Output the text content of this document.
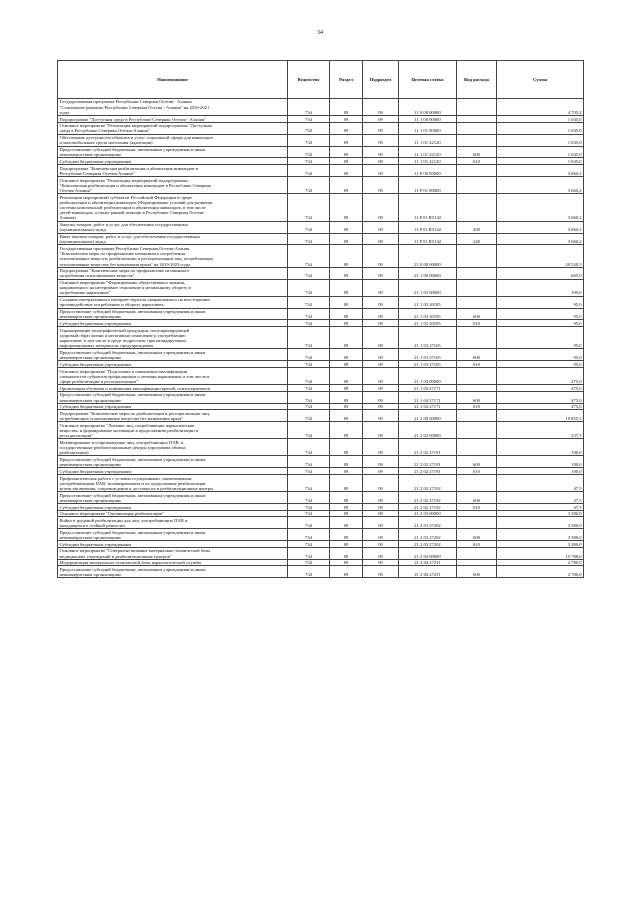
34
Наименование	Ведомство	Раздел	Подраздел	Целевая статья	Вид расхода	Сумма
Государственная программа Республики Северная Осетия - Алания
"Социальное развитие Республики Северная Осетия - Алания" на 2016-2021
годы	734	09	09	11 0 00 00000		4 705,2
Подпрограмма "Доступная среда в Республике Северная Осетия - Алания"	734	09	09	11 1 00 00000		1 045,0
Основное мероприятие "Реализация мероприятий подпрограммы "Доступная
среда в Республике Северная Осетия-Алания"	734	09	09	11 1 01 00000		1 045,0
Обеспечение доступности объектов и услуг социальной сферы для инвалидов
и маломобильных групп населения (адаптация)	734	09	09	11 1 01 22120		1 045,0
Предоставление субсидий бюджетным, автономным учреждениям и иным
некоммерческим организациям	734	09	09	11 1 01 22120	600	1 045,0
Субсидии бюджетным учреждениям	734	09	09	11 1 01 22120	610	1 045,0
Подпрограмма "Комплексная реабилитация и абилитация инвалидов в
Республике Северная Осетия-Алания"	734	09	09	11 P 00 00000		3 660,2
Основное мероприятие "Реализация мероприятий подпрограммы
"Комплексная реабилитация и абилитация инвалидов в Республике Северная
Осетия-Алания"	734	09	09	11 P 01 00000		3 660,2
Реализация мероприятий субъектов Российской Федерации в сфере
реабилитации и абилитации инвалидов (Формирование условий для развития
системы комплексной реабилитации и абилитации инвалидов, в том числе
детей-инвалидов, а также ранней помощи в Республике Северная Осетия-
Алания)	734	09	09	11 P 01 R5142		3 660,2
Закупка товаров, работ и услуг для обеспечения государственных
(муниципальных) нужд	734	09	09	11 P 01 R5142	200	3 660,2
Иные закупки товаров, работ и услуг для обеспечения государственных
(муниципальных) нужд	734	09	09	11 P 01 R5142	240	3 660,2
Государственная программа Республики Северная Осетия-Алания
"Комплексные меры по профилактике незаконного потребления
психоактивных веществ, реабилитации и ресоциализации лиц, потребляющих
психоактивные вещества без назначения врача" на 2019-2023 годы	734	09	09	21 0 00 00000		20 520,3
Подпрограмма "Комплексные меры по профилактике незаконного
потребления психоактивных веществ"	734	09	09	21 1 00 00000		665,0
Основное мероприятие "Формирование общественного мнения,
направленного на нетерпимое отношение к незаконному обороту и
потреблению наркотиков"	734	09	09	21 1 03 00000		190,0
Создание интерактивного интернет-портала, направленного на всестороннее
противодействие потреблению и обороту наркотиков	734	09	09	21 1 03 20185		95,0
Предоставление субсидий бюджетным, автономным учреждениям и иным
некоммерческим организациям	734	09	09	21 1 03 20185	600	95,0
Субсидии бюджетным учреждениям	734	09	09	21 1 03 20185	610	95,0
Тиражирование полиграфической продукции, популяризирующей
здоровый образ жизни и негативное отношение к употреблению
наркотиков, в том числе в среде подростков, пропагандирующих
информационных материалов, предупреждения	734	09	09	21 1 03 27165		95,0
Предоставление субсидий бюджетным, автономным учреждениям и иным
некоммерческим организациям	734	09	09	21 1 03 27165	600	95,0
Субсидии бюджетным учреждениям	734	09	09	21 1 03 27165	610	95,0
Основное мероприятие "Подготовка и повышение квалификации
специалистов субъектов профилактики и лечения наркомании, в том числе в
сфере реабилитации и ресоциализации"	734	09	09	21 1 04 00000		475,0
Организация обучения и повышения квалификации врачей, психотерапевтов	734	09	09	21 1 04 27171		475,0
Предоставление субсидий бюджетным, автономным учреждениям и иным
некоммерческим организациям	734	09	09	21 1 04 27171	600	475,0
Субсидии бюджетным учреждениям	734	09	09	21 1 04 27171	610	475,0
Подпрограмма "Комплексные меры по реабилитации и ресоциализации лиц,
потребляющих психоактивные вещества без назначения врача"	734	09	09	21 2 00 00000		19 855,3
Основное мероприятие "Лечение лиц, потребляющих наркотические
вещества, и формирование мотивации к продолжению реабилитации и
ресоциализации"	734	09	09	21 2 02 00000		237,5
Мотивирование и сопровождение лиц, употребляющих ПАВ, в
государственные реабилитационные центры (программа обмена
реабилитации)	734	09	09	21 2 02 27191		190,0
Предоставление субсидий бюджетным, автономным учреждениям и иным
некоммерческим организациям	734	09	09	21 2 02 27191	600	190,0
Субсидии бюджетным учреждениям	734	09	09	21 2 02 27191	610	190,0
Профилактическая работа с условно осужденными, заключенными,
употребляющими ПАВ, мотивированием и их продолжение реабилитации
всеми заключения, сопровождения и доставка их в реабилитационные центры	734	09	09	21 2 02 27192		47,5
Предоставление субсидий бюджетным, автономным учреждениям и иным
некоммерческим организациям	734	09	09	21 2 02 27192	600	47,5
Субсидии бюджетным учреждениям	734	09	09	21 2 02 27192	610	47,5
Основное мероприятие "Организация реабилитации"	734	09	09	21 2 03 00000		3 380,0
Койки в трудовой реабилитации для лиц, употребляющих ПАВ и
находящихся в стойкой ремиссии	734	09	09	21 2 03 27202		3 380,0
Предоставление субсидий бюджетным, автономным учреждениям и иным
некоммерческим организациям	734	09	09	21 2 03 27202	600	3 380,0
Субсидии бюджетным учреждениям	734	09	09	21 2 03 27202	610	3 380,0
Основное мероприятие "Совершенствование материально-технической базы
медицинских учреждений и реабилитационных центров"	734	09	09	21 2 04 00000		15 788,0
Модернизация материально-технической базы наркологической службы	734	09	09	21 2 04 27211		2 780,0
Предоставление субсидий бюджетным, автономным учреждениям и иным
некоммерческим организациям	734	09	09	21 2 04 27211	600	2 780,0
